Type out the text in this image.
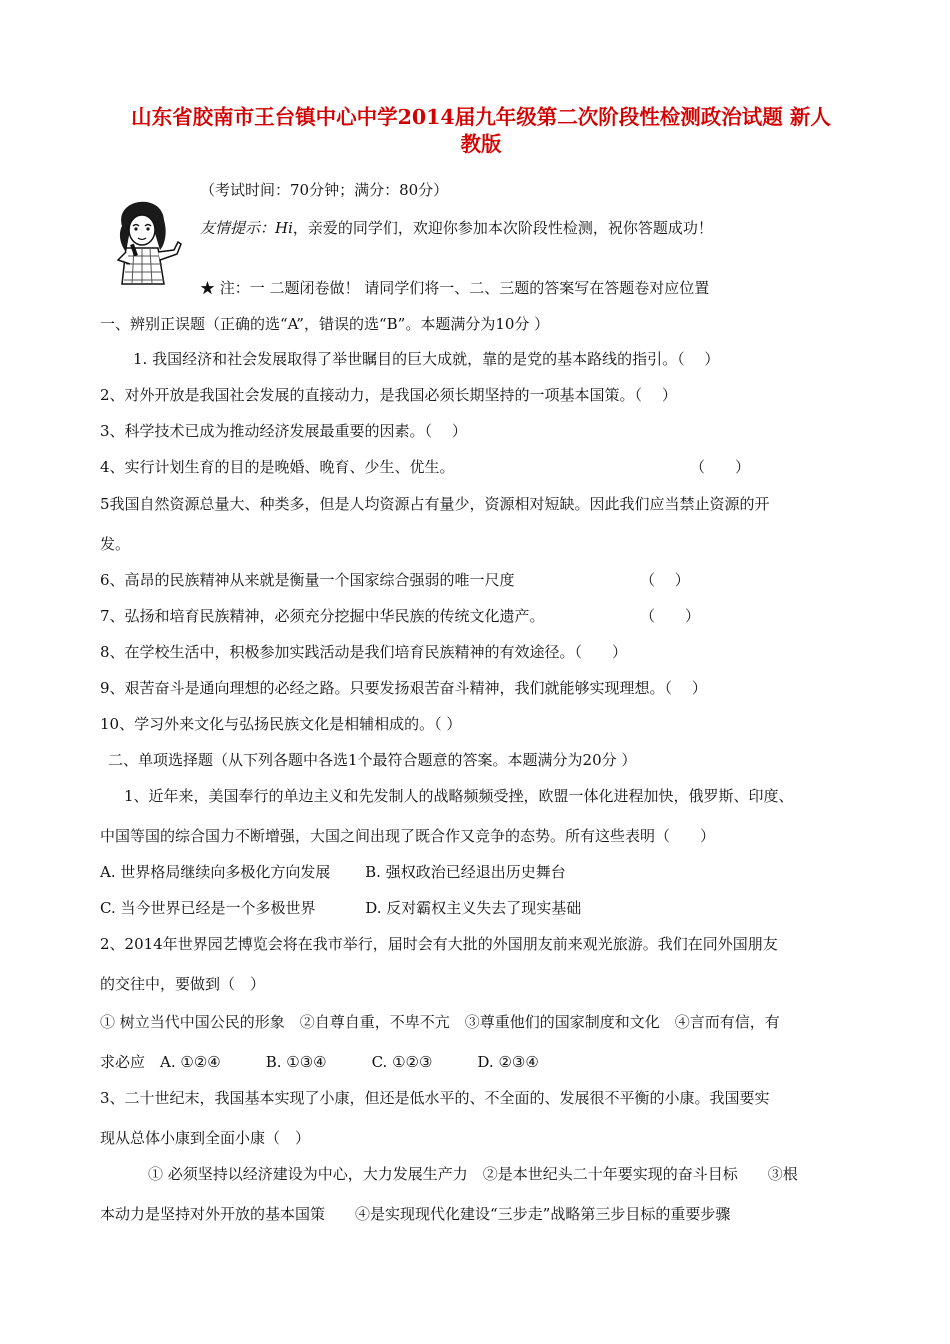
山东省胶南市王台镇中心中学2014届九年级第二次阶段性检测政治试题 新人
教版
（考试时间：70分钟；满分：80分）
友情提示：Hi，亲爱的同学们，欢迎你参加本次阶段性检测，祝你答题成功！
★ 注：一 二题闭卷做！ 请同学们将一、二、三题的答案写在答题卷对应位置
一、辨别正误题（正确的选“A”，错误的选“B”。本题满分为10分 ）
1. 我国经济和社会发展取得了举世瞩目的巨大成就，靠的是党的基本路线的指引。（　 ）
2、对外开放是我国社会发展的直接动力，是我国必须长期坚持的一项基本国策。（　 ）
3、科学技术已成为推动经济发展最重要的因素。（　 ）
4、实行计划生育的目的是晚婚、晚育、少生、优生。	（　　）
5我国自然资源总量大、种类多，但是人均资源占有量少，资源相对短缺。因此我们应当禁止资源的开
发。
6、高昂的民族精神从来就是衡量一个国家综合强弱的唯一尺度	（　 ）
7、弘扬和培育民族精神，必须充分挖掘中华民族的传统文化遗产。	（　　）
8、在学校生活中，积极参加实践活动是我们培育民族精神的有效途径。（　　）
9、艰苦奋斗是通向理想的必经之路。只要发扬艰苦奋斗精神，我们就能够实现理想。（　 ）
10、学习外来文化与弘扬民族文化是相辅相成的。（ ）
二、单项选择题（从下列各题中各选1个最符合题意的答案。本题满分为20分 ）
1、近年来，美国奉行的单边主义和先发制人的战略频频受挫，欧盟一体化进程加快，俄罗斯、印度、
中国等国的综合国力不断增强，大国之间出现了既合作又竞争的态势。所有这些表明（　　）
A. 世界格局继续向多极化方向发展　　 B. 强权政治已经退出历史舞台
C. 当今世界已经是一个多极世界　　　 D. 反对霸权主义失去了现实基础
2、2014年世界园艺博览会将在我市举行，届时会有大批的外国朋友前来观光旅游。我们在同外国朋友
的交往中，要做到（　）
① 树立当代中国公民的形象　②自尊自重，不卑不亢　③尊重他们的国家制度和文化　④言而有信，有
求必应　A. ①②④　　　B. ①③④　　　C. ①②③　　　D. ②③④
3、二十世纪末，我国基本实现了小康，但还是低水平的、不全面的、发展很不平衡的小康。我国要实
现从总体小康到全面小康（　）
① 必须坚持以经济建设为中心，大力发展生产力　②是本世纪头二十年要实现的奋斗目标　　③根
本动力是坚持对外开放的基本国策　　④是实现现代化建设“三步走”战略第三步目标的重要步骤
